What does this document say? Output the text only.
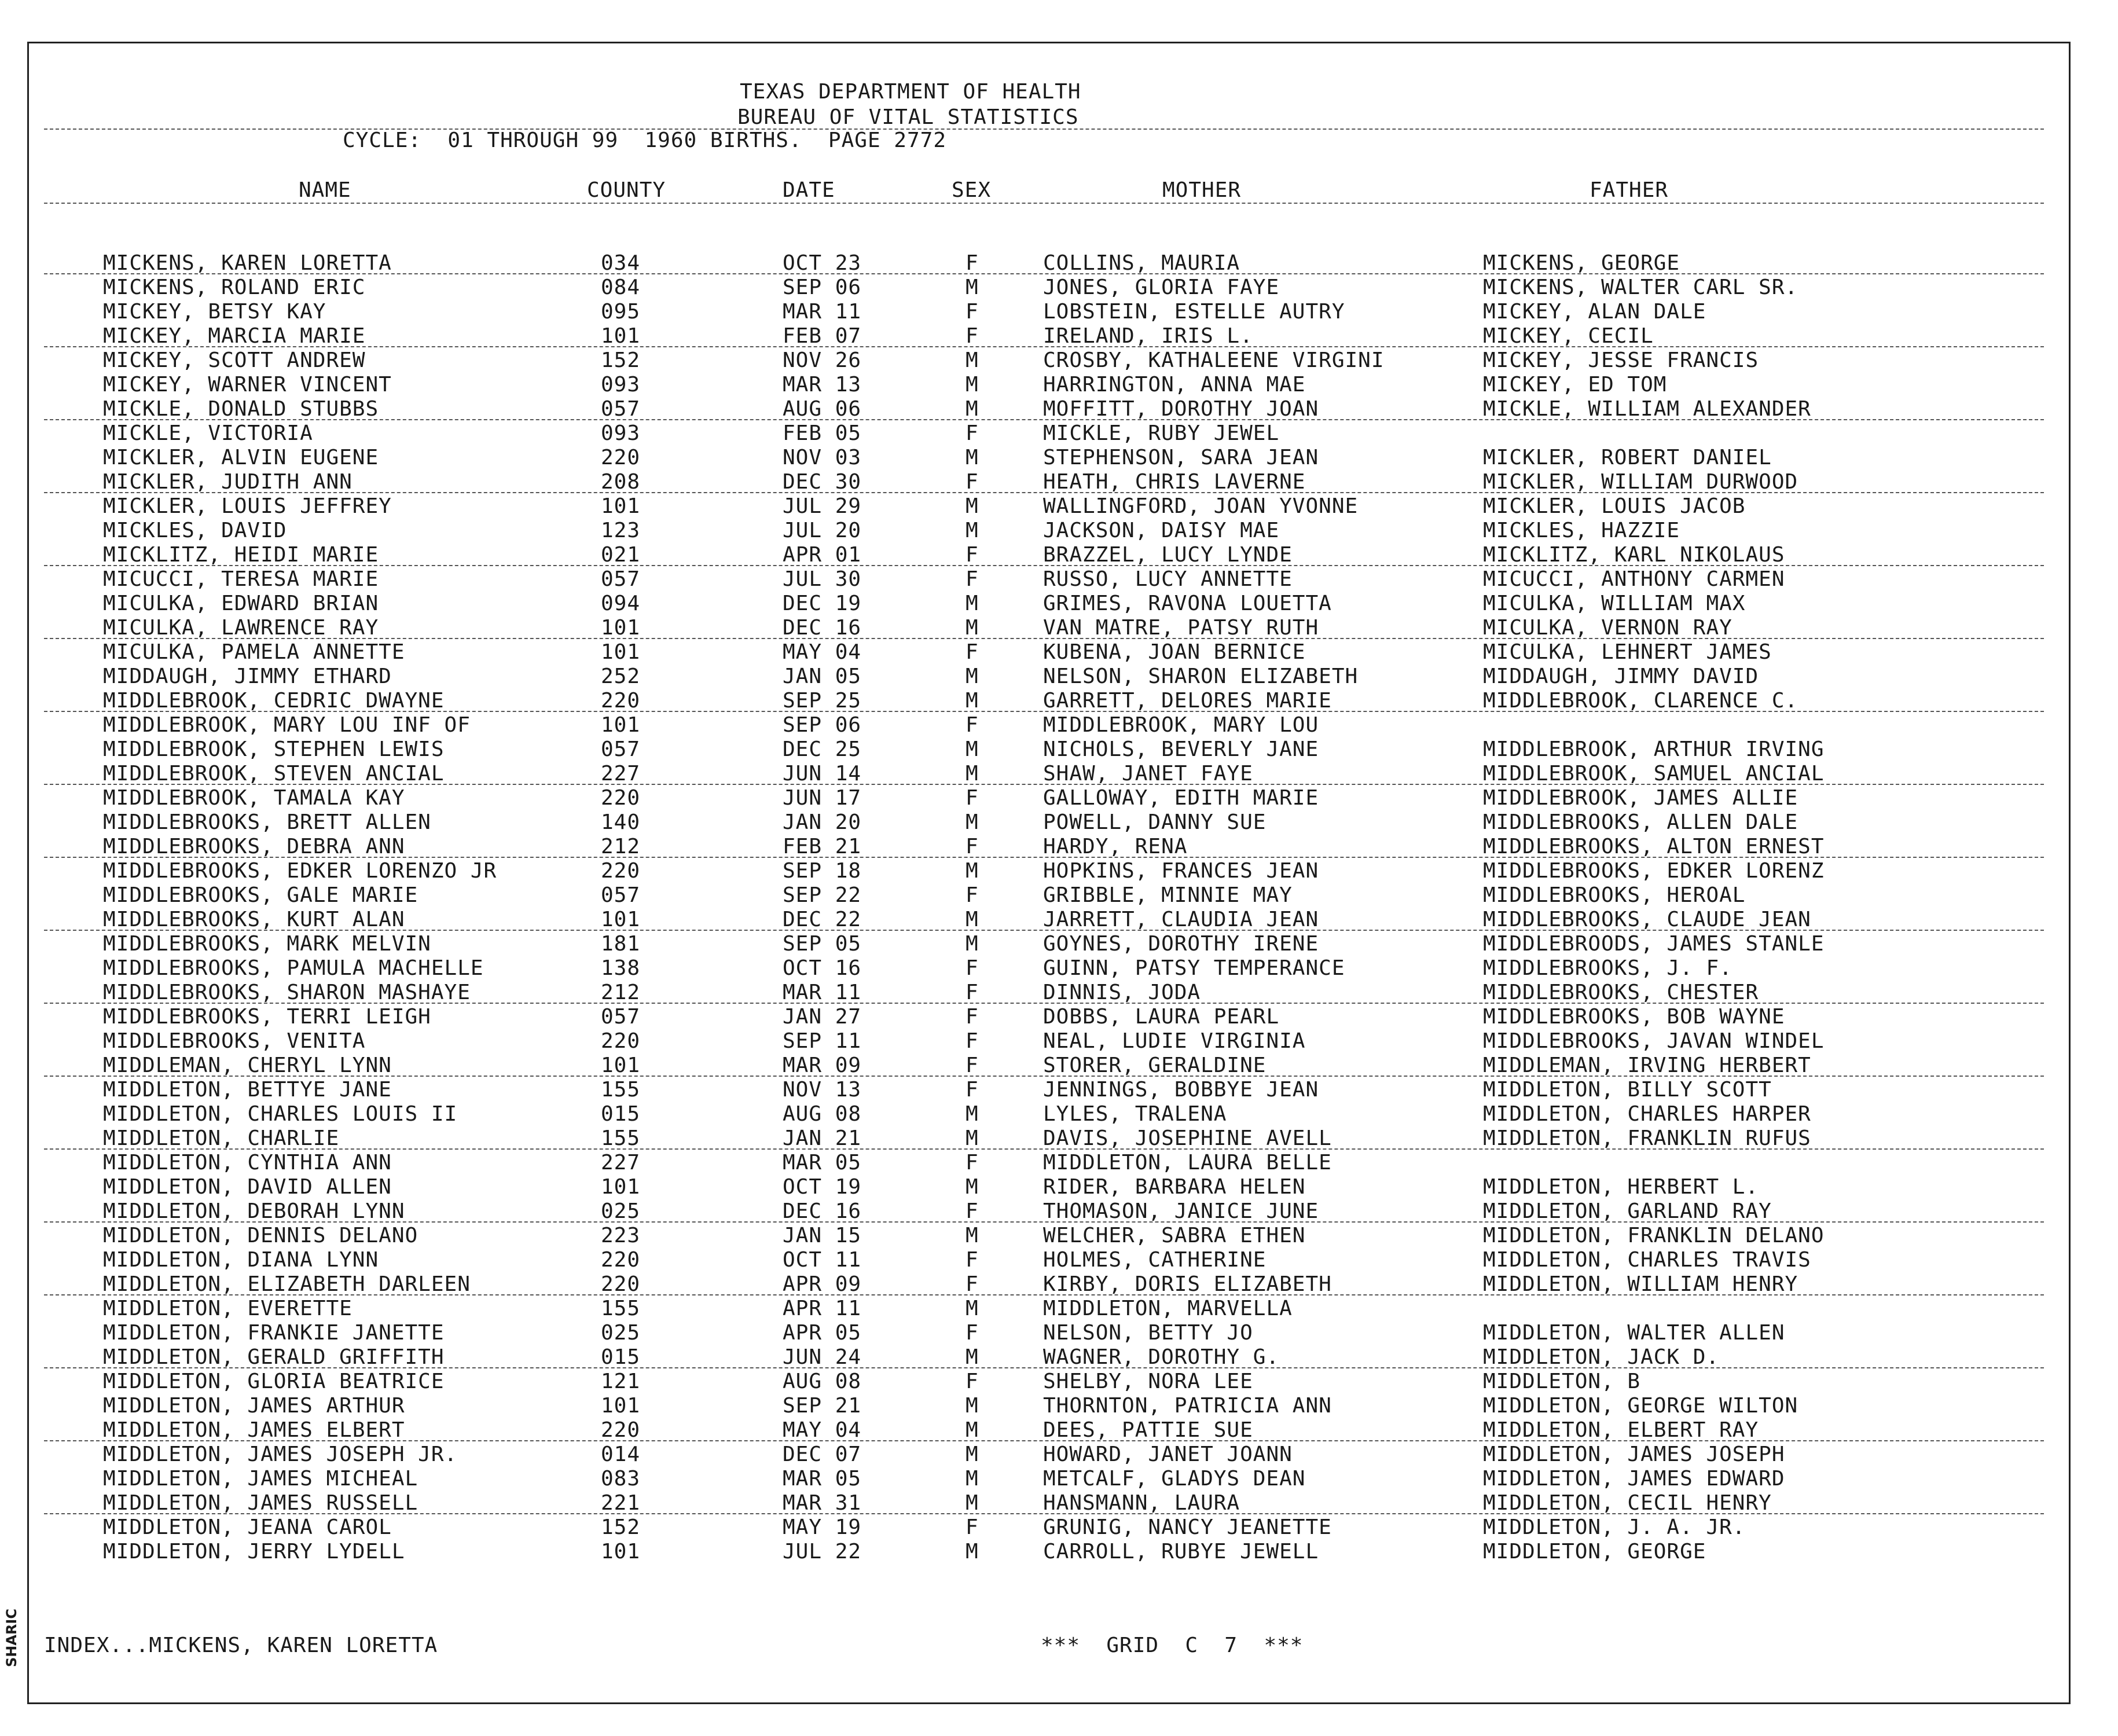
TEXAS DEPARTMENT OF HEALTH
BUREAU OF VITAL STATISTICS
CYCLE:  01 THROUGH 99  1960 BIRTHS.  PAGE 2772
NAME	COUNTY	DATE	SEX	MOTHER	FATHER
MICKENS, KAREN LORETTA	034	OCT 23	F	COLLINS, MAURIA	MICKENS, GEORGE
MICKENS, ROLAND ERIC	084	SEP 06	M	JONES, GLORIA FAYE	MICKENS, WALTER CARL SR.
MICKEY, BETSY KAY	095	MAR 11	F	LOBSTEIN, ESTELLE AUTRY	MICKEY, ALAN DALE
MICKEY, MARCIA MARIE	101	FEB 07	F	IRELAND, IRIS L.	MICKEY, CECIL
MICKEY, SCOTT ANDREW	152	NOV 26	M	CROSBY, KATHALEENE VIRGINI	MICKEY, JESSE FRANCIS
MICKEY, WARNER VINCENT	093	MAR 13	M	HARRINGTON, ANNA MAE	MICKEY, ED TOM
MICKLE, DONALD STUBBS	057	AUG 06	M	MOFFITT, DOROTHY JOAN	MICKLE, WILLIAM ALEXANDER
MICKLE, VICTORIA	093	FEB 05	F	MICKLE, RUBY JEWEL
MICKLER, ALVIN EUGENE	220	NOV 03	M	STEPHENSON, SARA JEAN	MICKLER, ROBERT DANIEL
MICKLER, JUDITH ANN	208	DEC 30	F	HEATH, CHRIS LAVERNE	MICKLER, WILLIAM DURWOOD
MICKLER, LOUIS JEFFREY	101	JUL 29	M	WALLINGFORD, JOAN YVONNE	MICKLER, LOUIS JACOB
MICKLES, DAVID	123	JUL 20	M	JACKSON, DAISY MAE	MICKLES, HAZZIE
MICKLITZ, HEIDI MARIE	021	APR 01	F	BRAZZEL, LUCY LYNDE	MICKLITZ, KARL NIKOLAUS
MICUCCI, TERESA MARIE	057	JUL 30	F	RUSSO, LUCY ANNETTE	MICUCCI, ANTHONY CARMEN
MICULKA, EDWARD BRIAN	094	DEC 19	M	GRIMES, RAVONA LOUETTA	MICULKA, WILLIAM MAX
MICULKA, LAWRENCE RAY	101	DEC 16	M	VAN MATRE, PATSY RUTH	MICULKA, VERNON RAY
MICULKA, PAMELA ANNETTE	101	MAY 04	F	KUBENA, JOAN BERNICE	MICULKA, LEHNERT JAMES
MIDDAUGH, JIMMY ETHARD	252	JAN 05	M	NELSON, SHARON ELIZABETH	MIDDAUGH, JIMMY DAVID
MIDDLEBROOK, CEDRIC DWAYNE	220	SEP 25	M	GARRETT, DELORES MARIE	MIDDLEBROOK, CLARENCE C.
MIDDLEBROOK, MARY LOU INF OF	101	SEP 06	F	MIDDLEBROOK, MARY LOU
MIDDLEBROOK, STEPHEN LEWIS	057	DEC 25	M	NICHOLS, BEVERLY JANE	MIDDLEBROOK, ARTHUR IRVING
MIDDLEBROOK, STEVEN ANCIAL	227	JUN 14	M	SHAW, JANET FAYE	MIDDLEBROOK, SAMUEL ANCIAL
MIDDLEBROOK, TAMALA KAY	220	JUN 17	F	GALLOWAY, EDITH MARIE	MIDDLEBROOK, JAMES ALLIE
MIDDLEBROOKS, BRETT ALLEN	140	JAN 20	M	POWELL, DANNY SUE	MIDDLEBROOKS, ALLEN DALE
MIDDLEBROOKS, DEBRA ANN	212	FEB 21	F	HARDY, RENA	MIDDLEBROOKS, ALTON ERNEST
MIDDLEBROOKS, EDKER LORENZO JR	220	SEP 18	M	HOPKINS, FRANCES JEAN	MIDDLEBROOKS, EDKER LORENZ
MIDDLEBROOKS, GALE MARIE	057	SEP 22	F	GRIBBLE, MINNIE MAY	MIDDLEBROOKS, HEROAL
MIDDLEBROOKS, KURT ALAN	101	DEC 22	M	JARRETT, CLAUDIA JEAN	MIDDLEBROOKS, CLAUDE JEAN
MIDDLEBROOKS, MARK MELVIN	181	SEP 05	M	GOYNES, DOROTHY IRENE	MIDDLEBROODS, JAMES STANLE
MIDDLEBROOKS, PAMULA MACHELLE	138	OCT 16	F	GUINN, PATSY TEMPERANCE	MIDDLEBROOKS, J. F.
MIDDLEBROOKS, SHARON MASHAYE	212	MAR 11	F	DINNIS, JODA	MIDDLEBROOKS, CHESTER
MIDDLEBROOKS, TERRI LEIGH	057	JAN 27	F	DOBBS, LAURA PEARL	MIDDLEBROOKS, BOB WAYNE
MIDDLEBROOKS, VENITA	220	SEP 11	F	NEAL, LUDIE VIRGINIA	MIDDLEBROOKS, JAVAN WINDEL
MIDDLEMAN, CHERYL LYNN	101	MAR 09	F	STORER, GERALDINE	MIDDLEMAN, IRVING HERBERT
MIDDLETON, BETTYE JANE	155	NOV 13	F	JENNINGS, BOBBYE JEAN	MIDDLETON, BILLY SCOTT
MIDDLETON, CHARLES LOUIS II	015	AUG 08	M	LYLES, TRALENA	MIDDLETON, CHARLES HARPER
MIDDLETON, CHARLIE	155	JAN 21	M	DAVIS, JOSEPHINE AVELL	MIDDLETON, FRANKLIN RUFUS
MIDDLETON, CYNTHIA ANN	227	MAR 05	F	MIDDLETON, LAURA BELLE
MIDDLETON, DAVID ALLEN	101	OCT 19	M	RIDER, BARBARA HELEN	MIDDLETON, HERBERT L.
MIDDLETON, DEBORAH LYNN	025	DEC 16	F	THOMASON, JANICE JUNE	MIDDLETON, GARLAND RAY
MIDDLETON, DENNIS DELANO	223	JAN 15	M	WELCHER, SABRA ETHEN	MIDDLETON, FRANKLIN DELANO
MIDDLETON, DIANA LYNN	220	OCT 11	F	HOLMES, CATHERINE	MIDDLETON, CHARLES TRAVIS
MIDDLETON, ELIZABETH DARLEEN	220	APR 09	F	KIRBY, DORIS ELIZABETH	MIDDLETON, WILLIAM HENRY
MIDDLETON, EVERETTE	155	APR 11	M	MIDDLETON, MARVELLA
MIDDLETON, FRANKIE JANETTE	025	APR 05	F	NELSON, BETTY JO	MIDDLETON, WALTER ALLEN
MIDDLETON, GERALD GRIFFITH	015	JUN 24	M	WAGNER, DOROTHY G.	MIDDLETON, JACK D.
MIDDLETON, GLORIA BEATRICE	121	AUG 08	F	SHELBY, NORA LEE	MIDDLETON, B
MIDDLETON, JAMES ARTHUR	101	SEP 21	M	THORNTON, PATRICIA ANN	MIDDLETON, GEORGE WILTON
MIDDLETON, JAMES ELBERT	220	MAY 04	M	DEES, PATTIE SUE	MIDDLETON, ELBERT RAY
MIDDLETON, JAMES JOSEPH JR.	014	DEC 07	M	HOWARD, JANET JOANN	MIDDLETON, JAMES JOSEPH
MIDDLETON, JAMES MICHEAL	083	MAR 05	M	METCALF, GLADYS DEAN	MIDDLETON, JAMES EDWARD
MIDDLETON, JAMES RUSSELL	221	MAR 31	M	HANSMANN, LAURA	MIDDLETON, CECIL HENRY
MIDDLETON, JEANA CAROL	152	MAY 19	F	GRUNIG, NANCY JEANETTE	MIDDLETON, J. A. JR.
MIDDLETON, JERRY LYDELL	101	JUL 22	M	CARROLL, RUBYE JEWELL	MIDDLETON, GEORGE
INDEX...MICKENS, KAREN LORETTA	***  GRID  C  7  ***
SHARIC
